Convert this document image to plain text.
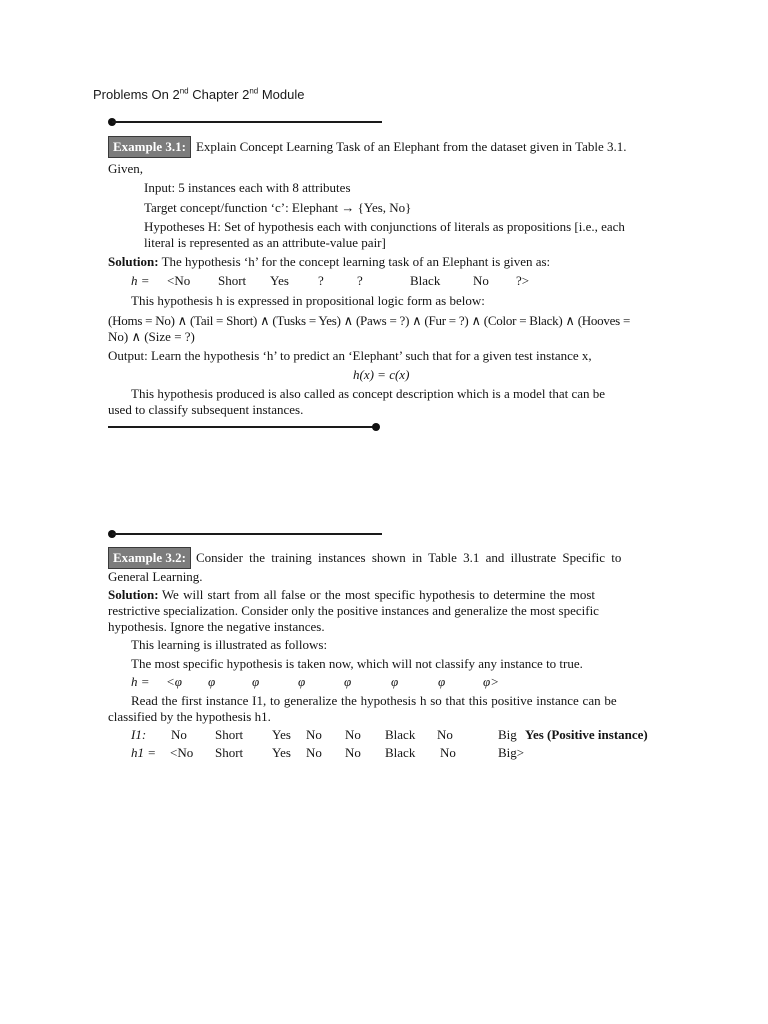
Problems On 2nd Chapter 2nd Module
Example 3.1: Explain Concept Learning Task of an Elephant from the dataset given in Table 3.1.
Given,
Input: 5 instances each with 8 attributes
Target concept/function ‘c’: Elephant → {Yes, No}
Hypotheses H: Set of hypothesis each with conjunctions of literals as propositions [i.e., each
literal is represented as an attribute-value pair]
Solution: The hypothesis ‘h’ for the concept learning task of an Elephant is given as:
h = <No Short Yes ?	?	Black	No ?>
This hypothesis h is expressed in propositional logic form as below:
(Homs = No) ∧ (Tail = Short) ∧ (Tusks = Yes) ∧ (Paws = ?) ∧ (Fur = ?) ∧ (Color = Black) ∧ (Hooves =
No) ∧ (Size = ?)
Output: Learn the hypothesis ‘h’ to predict an ‘Elephant’ such that for a given test instance x,
h(x) = c(x)
This hypothesis produced is also called as concept description which is a model that can be
used to classify subsequent instances.
Example 3.2: Consider the training instances shown in Table 3.1 and illustrate Specific to
General Learning.
Solution: We will start from all false or the most specific hypothesis to determine the most
restrictive specialization. Consider only the positive instances and generalize the most specific
hypothesis. Ignore the negative instances.
This learning is illustrated as follows:
The most specific hypothesis is taken now, which will not classify any instance to true.
h = <φ φ	φ	φ	φ	φ	φ	φ>
Read the first instance I1, to generalize the hypothesis h so that this positive instance can be
classified by the hypothesis h1.
I1: No Short Yes No No Black No	Big Yes (Positive instance)
h1 = <No Short Yes No No Black No	Big>
